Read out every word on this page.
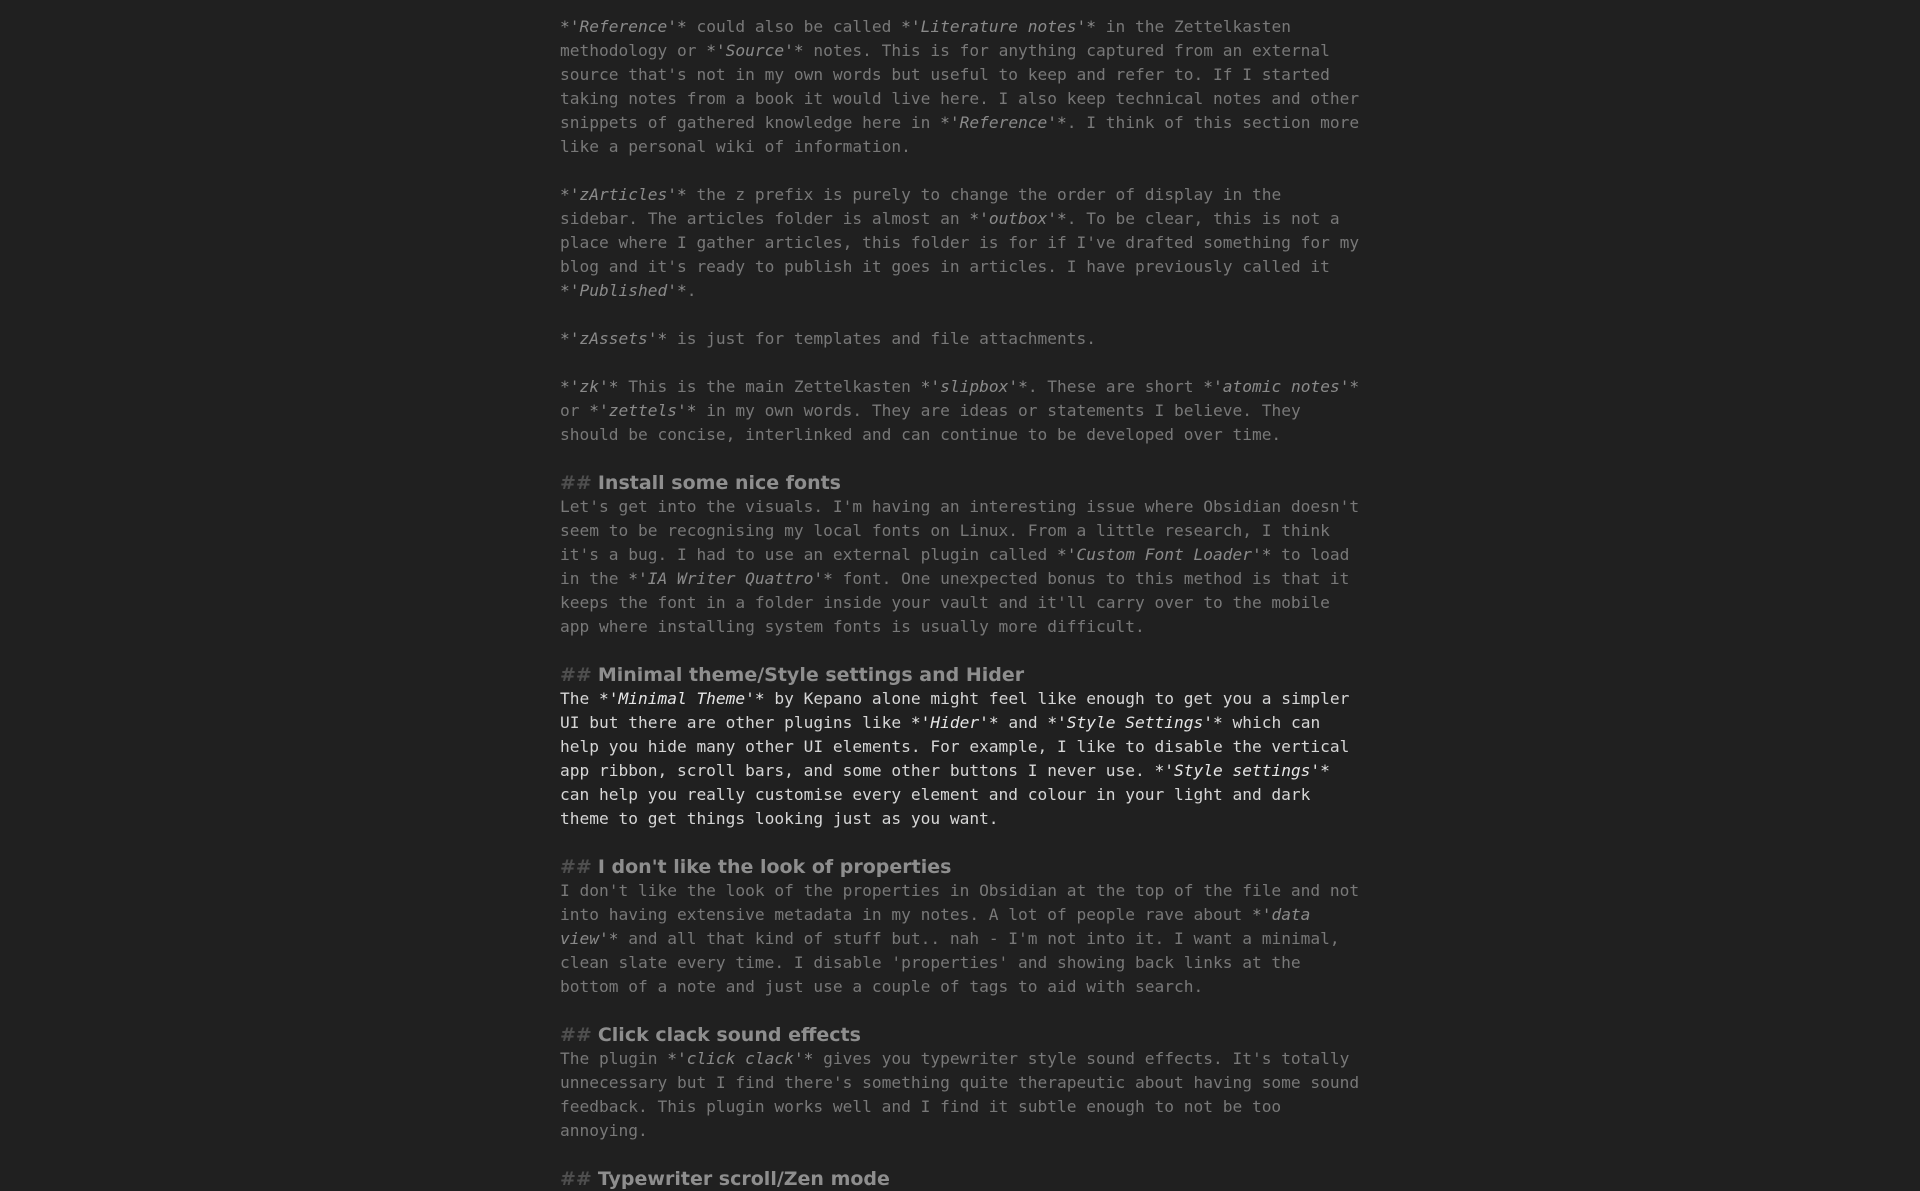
*'Reference'* could also be called *'Literature notes'* in the Zettelkasten methodology or *'Source'* notes. This is for anything captured from an external source that's not in my own words but useful to keep and refer to. If I started taking notes from a book it would live here. I also keep technical notes and other snippets of gathered knowledge here in *'Reference'*. I think of this section more like a personal wiki of information.
*'zArticles'* the z prefix is purely to change the order of display in the sidebar. The articles folder is almost an *'outbox'*. To be clear, this is not a place where I gather articles, this folder is for if I've drafted something for my blog and it's ready to publish it goes in articles. I have previously called it *'Published'*.
*'zAssets'* is just for templates and file attachments.
*'zk'* This is the main Zettelkasten *'slipbox'*. These are short *'atomic notes'* or *'zettels'* in my own words. They are ideas or statements I believe. They should be concise, interlinked and can continue to be developed over time.
## Install some nice fonts
Let's get into the visuals. I'm having an interesting issue where Obsidian doesn't seem to be recognising my local fonts on Linux. From a little research, I think it's a bug. I had to use an external plugin called *'Custom Font Loader'* to load in the *'IA Writer Quattro'* font. One unexpected bonus to this method is that it keeps the font in a folder inside your vault and it'll carry over to the mobile app where installing system fonts is usually more difficult.
## Minimal theme/Style settings and Hider
The *'Minimal Theme'* by Kepano alone might feel like enough to get you a simpler UI but there are other plugins like *'Hider'* and *'Style Settings'* which can help you hide many other UI elements. For example, I like to disable the vertical app ribbon, scroll bars, and some other buttons I never use. *'Style settings'* can help you really customise every element and colour in your light and dark theme to get things looking just as you want.
## I don't like the look of properties
I don't like the look of the properties in Obsidian at the top of the file and not into having extensive metadata in my notes. A lot of people rave about *'data view'* and all that kind of stuff but.. nah - I'm not into it. I want a minimal, clean slate every time. I disable 'properties' and showing back links at the bottom of a note and just use a couple of tags to aid with search.
## Click clack sound effects
The plugin *'click clack'* gives you typewriter style sound effects. It's totally unnecessary but I find there's something quite therapeutic about having some sound feedback. This plugin works well and I find it subtle enough to not be too annoying.
## Typewriter scroll/Zen mode
